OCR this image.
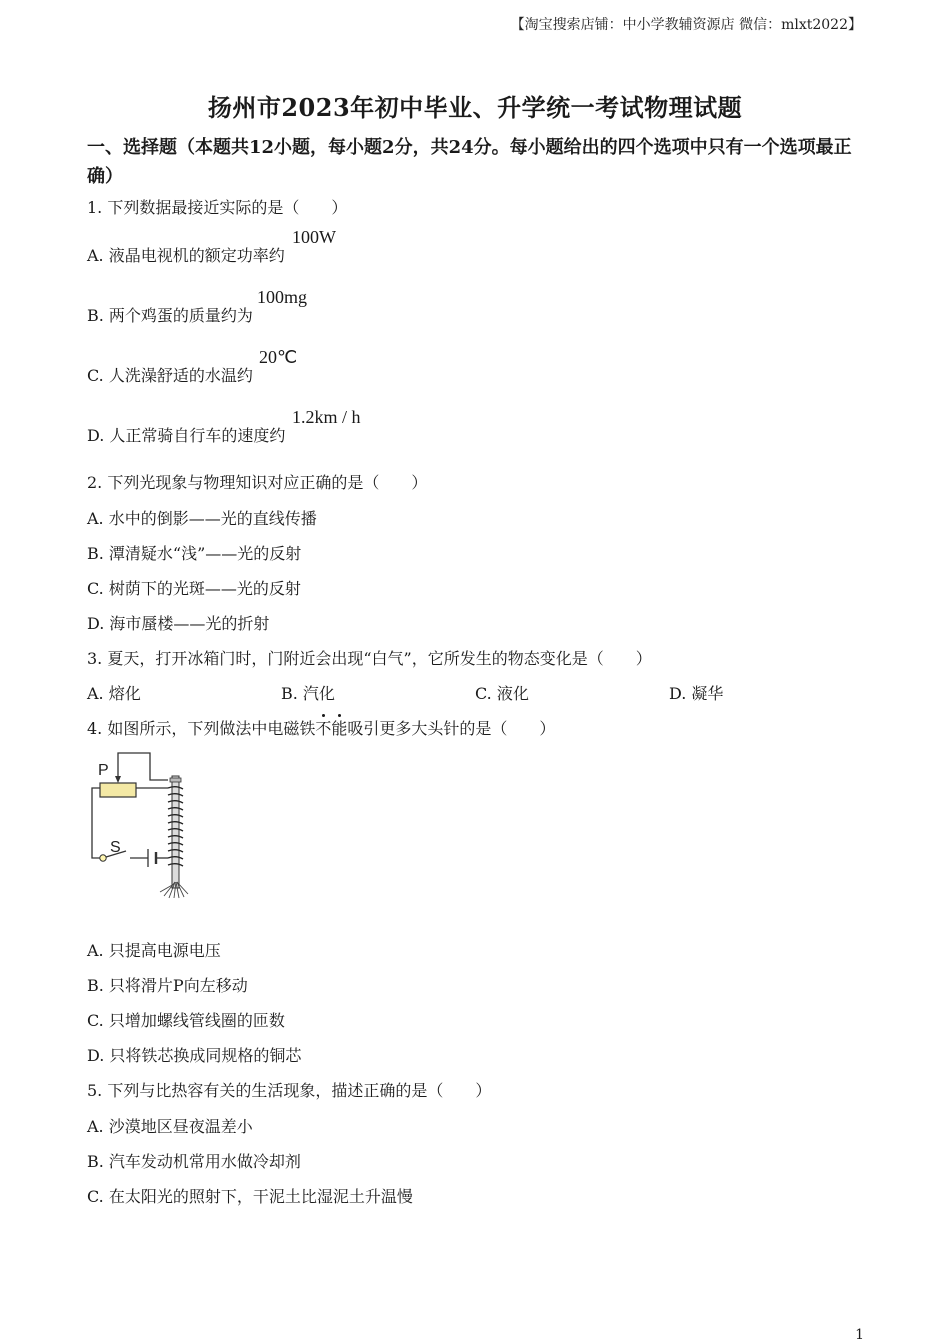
【淘宝搜索店铺：中小学教辅资源店 微信：mlxt2022】
扬州市2023年初中毕业、升学统一考试物理试题
一、选择题（本题共12小题，每小题2分，共24分。每小题给出的四个选项中只有一个选项最正确）
1. 下列数据最接近实际的是（　　）
A. 液晶电视机的额定功率约
100W
B. 两个鸡蛋的质量约为
100mg
C. 人洗澡舒适的水温约
20℃
D. 人正常骑自行车的速度约
1.2km / h
2. 下列光现象与物理知识对应正确的是（　　）
A. 水中的倒影——光的直线传播
B. 潭清疑水“浅”——光的反射
C. 树荫下的光斑——光的反射
D. 海市蜃楼——光的折射
3. 夏天，打开冰箱门时，门附近会出现“白气”，它所发生的物态变化是（　　）
A. 熔化	B. 汽化	C. 液化	D. 凝华
4. 如图所示，下列做法中电磁铁不能吸引更多大头针的是（　　）
P
S
A. 只提高电源电压
B. 只将滑片P向左移动
C. 只增加螺线管线圈的匝数
D. 只将铁芯换成同规格的铜芯
5. 下列与比热容有关的生活现象，描述正确的是（　　）
A. 沙漠地区昼夜温差小
B. 汽车发动机常用水做冷却剂
C. 在太阳光的照射下，干泥土比湿泥土升温慢
1
